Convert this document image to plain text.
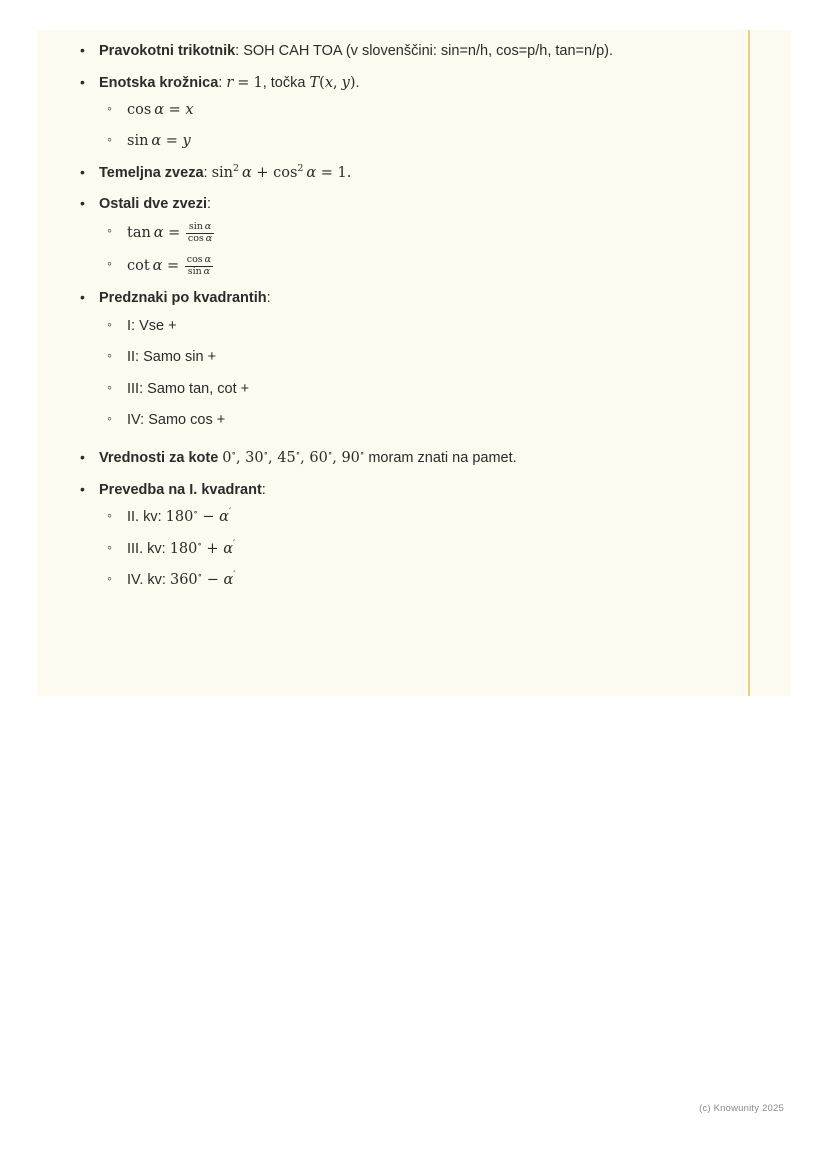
• Pravokotni trikotnik: SOH CAH TOA (v slovenščini: sin=n/h, cos=p/h, tan=n/p).
• Enotska krožnica: r = 1, točka T(x, y).
◦ cos α = x
◦ sin α = y
• Temeljna zveza: $\sin^2 \alpha + \cos^2 \alpha = 1$.
• Ostali dve zvezi:
◦ $\tan \alpha = \frac{\text{sin α}}{\text{cos α}}$
◦ $\cot \alpha = \frac{\text{cos α}}{\text{sin α}}$
• Predznaki po kvadrantih:
◦ I: Vse +
◦ II: Samo sin +
◦ III: Samo tan, cot +
◦ IV: Samo cos +
• Vrednosti za kote 0∘, 30∘, 45∘, 60∘, 90∘ moram znati na pamet.
• Prevedba na I. kvadrant:
◦ II. kv: 180∘ − α′
◦ III. kv: 180∘ + α′
◦ IV. kv: 360∘ − α′
(c) Knowunity 2025
